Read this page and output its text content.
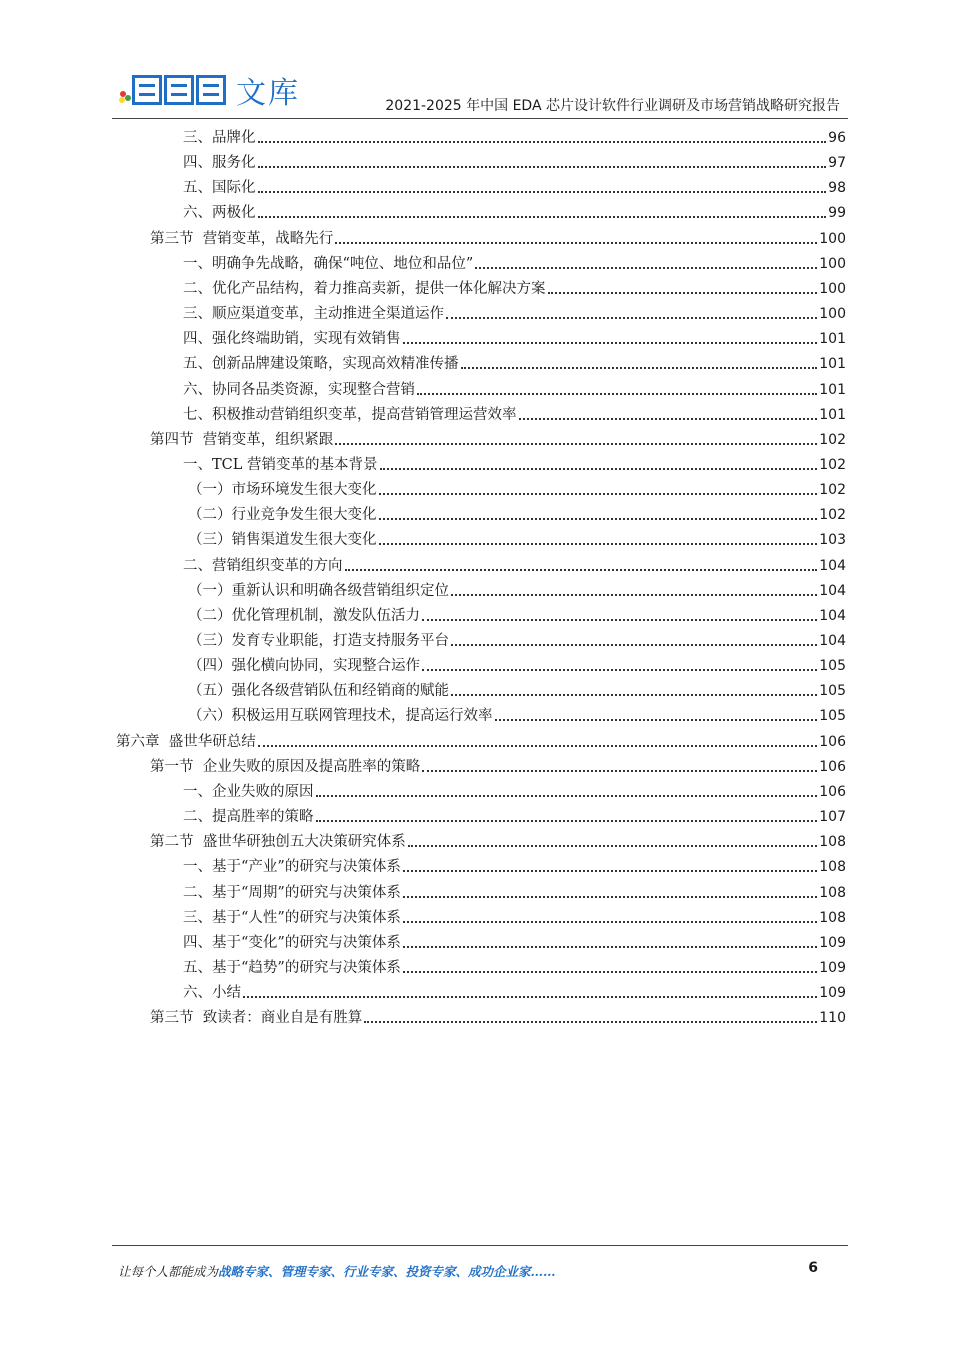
文库	2021-2025 年中国 EDA 芯片设计软件行业调研及市场营销战略研究报告
三、品牌化	96
四、服务化	97
五、国际化	98
六、两极化	99
第三节  营销变革，战略先行	100
一、明确争先战略，确保“吨位、地位和品位”	100
二、优化产品结构，着力推高卖新，提供一体化解决方案	100
三、顺应渠道变革，主动推进全渠道运作	100
四、强化终端助销，实现有效销售	101
五、创新品牌建设策略，实现高效精准传播	101
六、协同各品类资源，实现整合营销	101
七、积极推动营销组织变革，提高营销管理运营效率	101
第四节  营销变革，组织紧跟	102
一、TCL 营销变革的基本背景	102
（一）市场环境发生很大变化	102
（二）行业竞争发生很大变化	102
（三）销售渠道发生很大变化	103
二、营销组织变革的方向	104
（一）重新认识和明确各级营销组织定位	104
（二）优化管理机制，激发队伍活力	104
（三）发育专业职能，打造支持服务平台	104
（四）强化横向协同，实现整合运作	105
（五）强化各级营销队伍和经销商的赋能	105
（六）积极运用互联网管理技术，提高运行效率	105
第六章  盛世华研总结	106
第一节  企业失败的原因及提高胜率的策略	106
一、企业失败的原因	106
二、提高胜率的策略	107
第二节  盛世华研独创五大决策研究体系	108
一、基于“产业”的研究与决策体系	108
二、基于“周期”的研究与决策体系	108
三、基于“人性”的研究与决策体系	108
四、基于“变化”的研究与决策体系	109
五、基于“趋势”的研究与决策体系	109
六、小结	109
第三节  致读者：商业自是有胜算	110
让每个人都能成为战略专家、管理专家、行业专家、投资专家、成功企业家……	6
